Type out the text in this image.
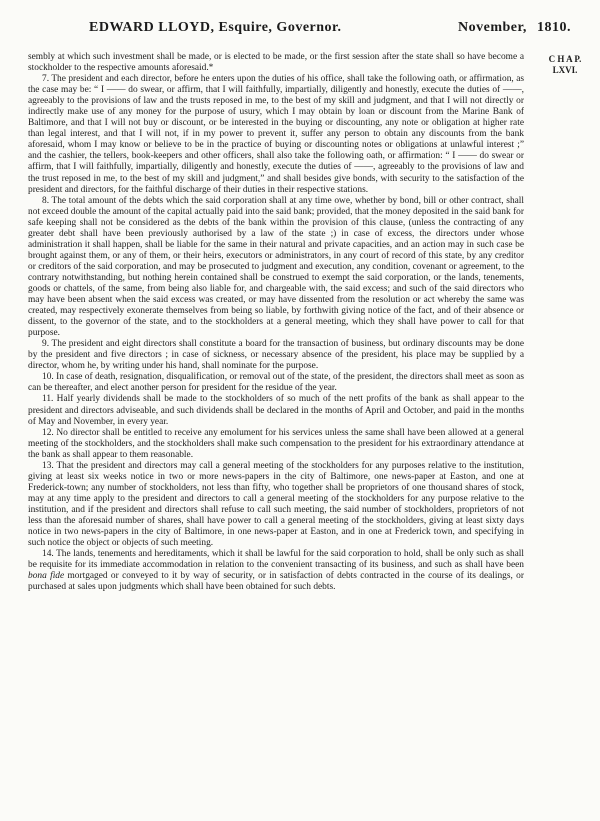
EDWARD LLOYD, Esquire, Governor.	November, 1810.
C H A P.
LXVI.

sembly at which such investment shall be made, or is elected to be made, or the first session after the state shall so have become a stockholder to the respective amounts aforesaid.*

7. The president and each director, before he enters upon the duties of his office, shall take the following oath, or affirmation, as the case may be: “ I —— do swear, or affirm, that I will faithfully, impartially, diligently and honestly, execute the duties of ——, agreeably to the provisions of law and the trusts reposed in me, to the best of my skill and judgment, and that I will not directly or indirectly make use of any money for the purpose of usury, which I may obtain by loan or discount from the Marine Bank of Baltimore, and that I will not buy or discount, or be interested in the buying or discounting, any note or obligation at higher rate than legal interest, and that I will not, if in my power to prevent it, suffer any person to obtain any discounts from the bank aforesaid, whom I may know or believe to be in the practice of buying or discounting notes or obligations at unlawful interest ;” and the cashier, the tellers, book-keepers and other officers, shall also take the following oath, or affirmation: “ I —— do swear or affirm, that I will faithfully, impartially, diligently and honestly, execute the duties of ——, agreeably to the provisions of law and the trust reposed in me, to the best of my skill and judgment,” and shall besides give bonds, with security to the satisfaction of the president and directors, for the faithful discharge of their duties in their respective stations.

8. The total amount of the debts which the said corporation shall at any time owe, whether by bond, bill or other contract, shall not exceed double the amount of the capital actually paid into the said bank; provided, that the money deposited in the said bank for safe keeping shall not be considered as the debts of the bank within the provision of this clause, (unless the contracting of any greater debt shall have been previously authorised by a law of the state ;) in case of excess, the directors under whose administration it shall happen, shall be liable for the same in their natural and private capacities, and an action may in such case be brought against them, or any of them, or their heirs, executors or administrators, in any court of record of this state, by any creditor or creditors of the said corporation, and may be prosecuted to judgment and execution, any condition, covenant or agreement, to the contrary notwithstanding, but nothing herein contained shall be construed to exempt the said corporation, or the lands, tenements, goods or chattels, of the same, from being also liable for, and chargeable with, the said excess; and such of the said directors who may have been absent when the said excess was created, or may have dissented from the resolution or act whereby the same was created, may respectively exonerate themselves from being so liable, by forthwith giving notice of the fact, and of their absence or dissent, to the governor of the state, and to the stockholders at a general meeting, which they shall have power to call for that purpose.

9. The president and eight directors shall constitute a board for the transaction of business, but ordinary discounts may be done by the president and five directors ; in case of sickness, or necessary absence of the president, his place may be supplied by a director, whom he, by writing under his hand, shall nominate for the purpose.

10. In case of death, resignation, disqualification, or removal out of the state, of the president, the directors shall meet as soon as can be thereafter, and elect another person for president for the residue of the year.

11. Half yearly dividends shall be made to the stockholders of so much of the nett profits of the bank as shall appear to the president and directors adviseable, and such dividends shall be declared in the months of April and October, and paid in the months of May and November, in every year.

12. No director shall be entitled to receive any emolument for his services unless the same shall have been allowed at a general meeting of the stockholders, and the stockholders shall make such compensation to the president for his extraordinary attendance at the bank as shall appear to them reasonable.

13. That the president and directors may call a general meeting of the stockholders for any purposes relative to the institution, giving at least six weeks notice in two or more news-papers in the city of Baltimore, one news-paper at Easton, and one at Frederick-town; any number of stockholders, not less than fifty, who together shall be proprietors of one thousand shares of stock, may at any time apply to the president and directors to call a general meeting of the stockholders for any purpose relative to the institution, and if the president and directors shall refuse to call such meeting, the said number of stockholders, proprietors of not less than the aforesaid number of shares, shall have power to call a general meeting of the stockholders, giving at least sixty days notice in two news-papers in the city of Baltimore, in one news-paper at Easton, and in one at Frederick town, and specifying in such notice the object or objects of such meeting.

14. The lands, tenements and hereditaments, which it shall be lawful for the said corporation to hold, shall be only such as shall be requisite for its immediate accommodation in relation to the convenient transacting of its business, and such as shall have been bona fide mortgaged or conveyed to it by way of security, or in satisfaction of debts contracted in the course of its dealings, or purchased at sales upon judgments which shall have been obtained for such debts.
